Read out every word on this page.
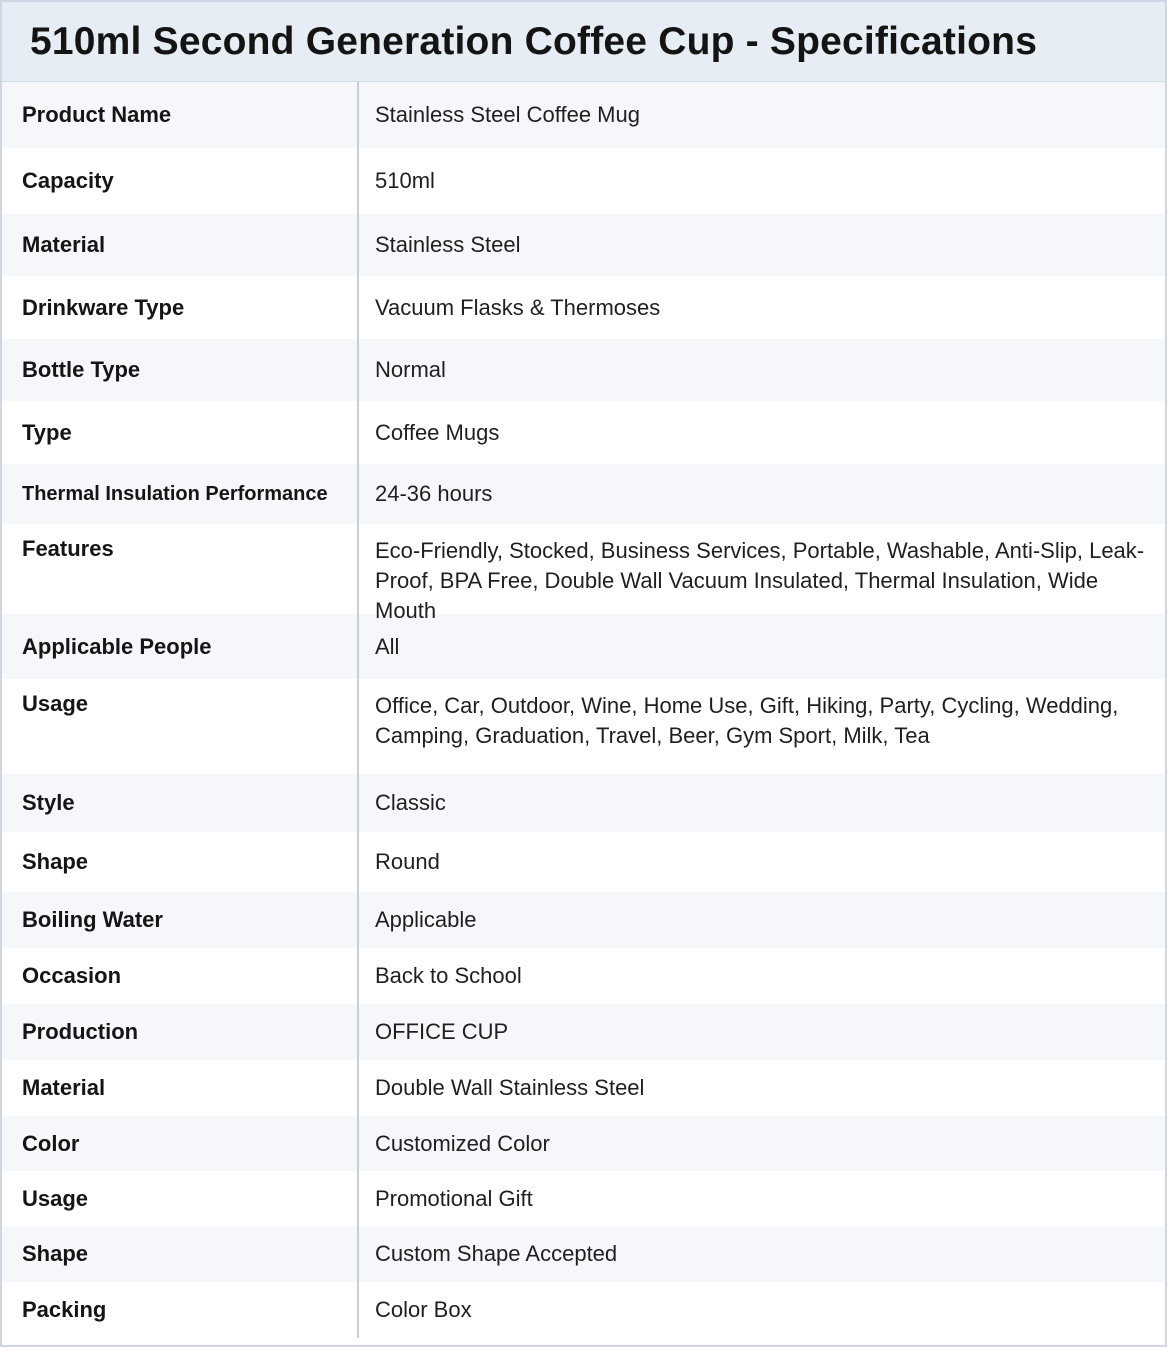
510ml Second Generation Coffee Cup - Specifications
Product Name	Stainless Steel Coffee Mug
Capacity	510ml
Material	Stainless Steel
Drinkware Type	Vacuum Flasks & Thermoses
Bottle Type	Normal
Type	Coffee Mugs
Thermal Insulation Performance	24-36 hours
Features	Eco-Friendly, Stocked, Business Services, Portable, Washable, Anti-Slip, Leak-Proof, BPA Free, Double Wall Vacuum Insulated, Thermal Insulation, Wide Mouth
Applicable People	All
Usage	Office, Car, Outdoor, Wine, Home Use, Gift, Hiking, Party, Cycling, Wedding, Camping, Graduation, Travel, Beer, Gym Sport, Milk, Tea
Style	Classic
Shape	Round
Boiling Water	Applicable
Occasion	Back to School
Production	OFFICE CUP
Material	Double Wall Stainless Steel
Color	Customized Color
Usage	Promotional Gift
Shape	Custom Shape Accepted
Packing	Color Box
